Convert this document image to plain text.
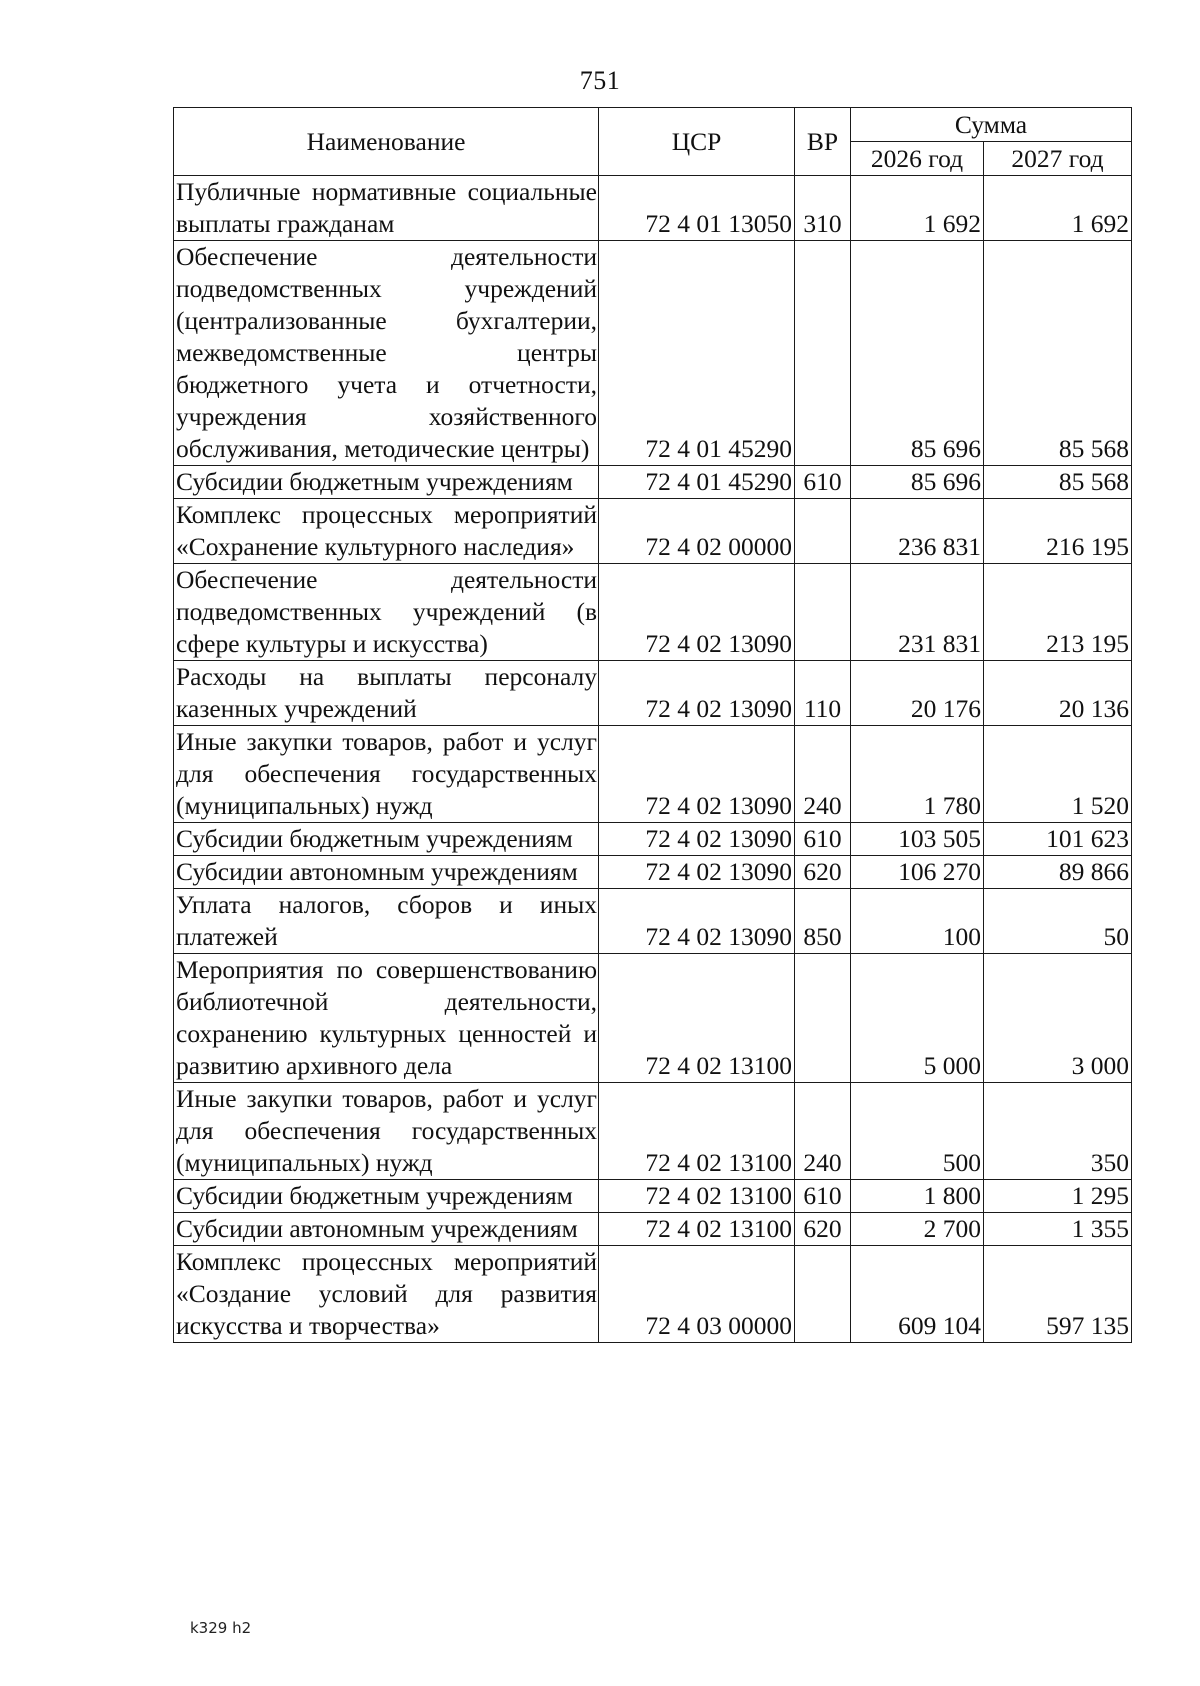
751
Наименование	ЦСР	ВР	Сумма	
			2026 год	2027 год
Публичные нормативные социальные выплаты гражданам	72 4 01 13050	310	1 692	1 692
Обеспечение деятельности подведомственных учреждений (централизованные бухгалтерии, межведомственные центры бюджетного учета и отчетности, учреждения хозяйственного обслуживания, методические центры)	72 4 01 45290		85 696	85 568
Субсидии бюджетным учреждениям	72 4 01 45290	610	85 696	85 568
Комплекс процессных мероприятий «Сохранение культурного наследия»	72 4 02 00000		236 831	216 195
Обеспечение деятельности подведомственных учреждений (в сфере культуры и искусства)	72 4 02 13090		231 831	213 195
Расходы на выплаты персоналу казенных учреждений	72 4 02 13090	110	20 176	20 136
Иные закупки товаров, работ и услуг для обеспечения государственных (муниципальных) нужд	72 4 02 13090	240	1 780	1 520
Субсидии бюджетным учреждениям	72 4 02 13090	610	103 505	101 623
Субсидии автономным учреждениям	72 4 02 13090	620	106 270	89 866
Уплата налогов, сборов и иных платежей	72 4 02 13090	850	100	50
Мероприятия по совершенствованию библиотечной деятельности, сохранению культурных ценностей и развитию архивного дела	72 4 02 13100		5 000	3 000
Иные закупки товаров, работ и услуг для обеспечения государственных (муниципальных) нужд	72 4 02 13100	240	500	350
Субсидии бюджетным учреждениям	72 4 02 13100	610	1 800	1 295
Субсидии автономным учреждениям	72 4 02 13100	620	2 700	1 355
Комплекс процессных мероприятий «Создание условий для развития искусства и творчества»	72 4 03 00000		609 104	597 135
k329 h2
